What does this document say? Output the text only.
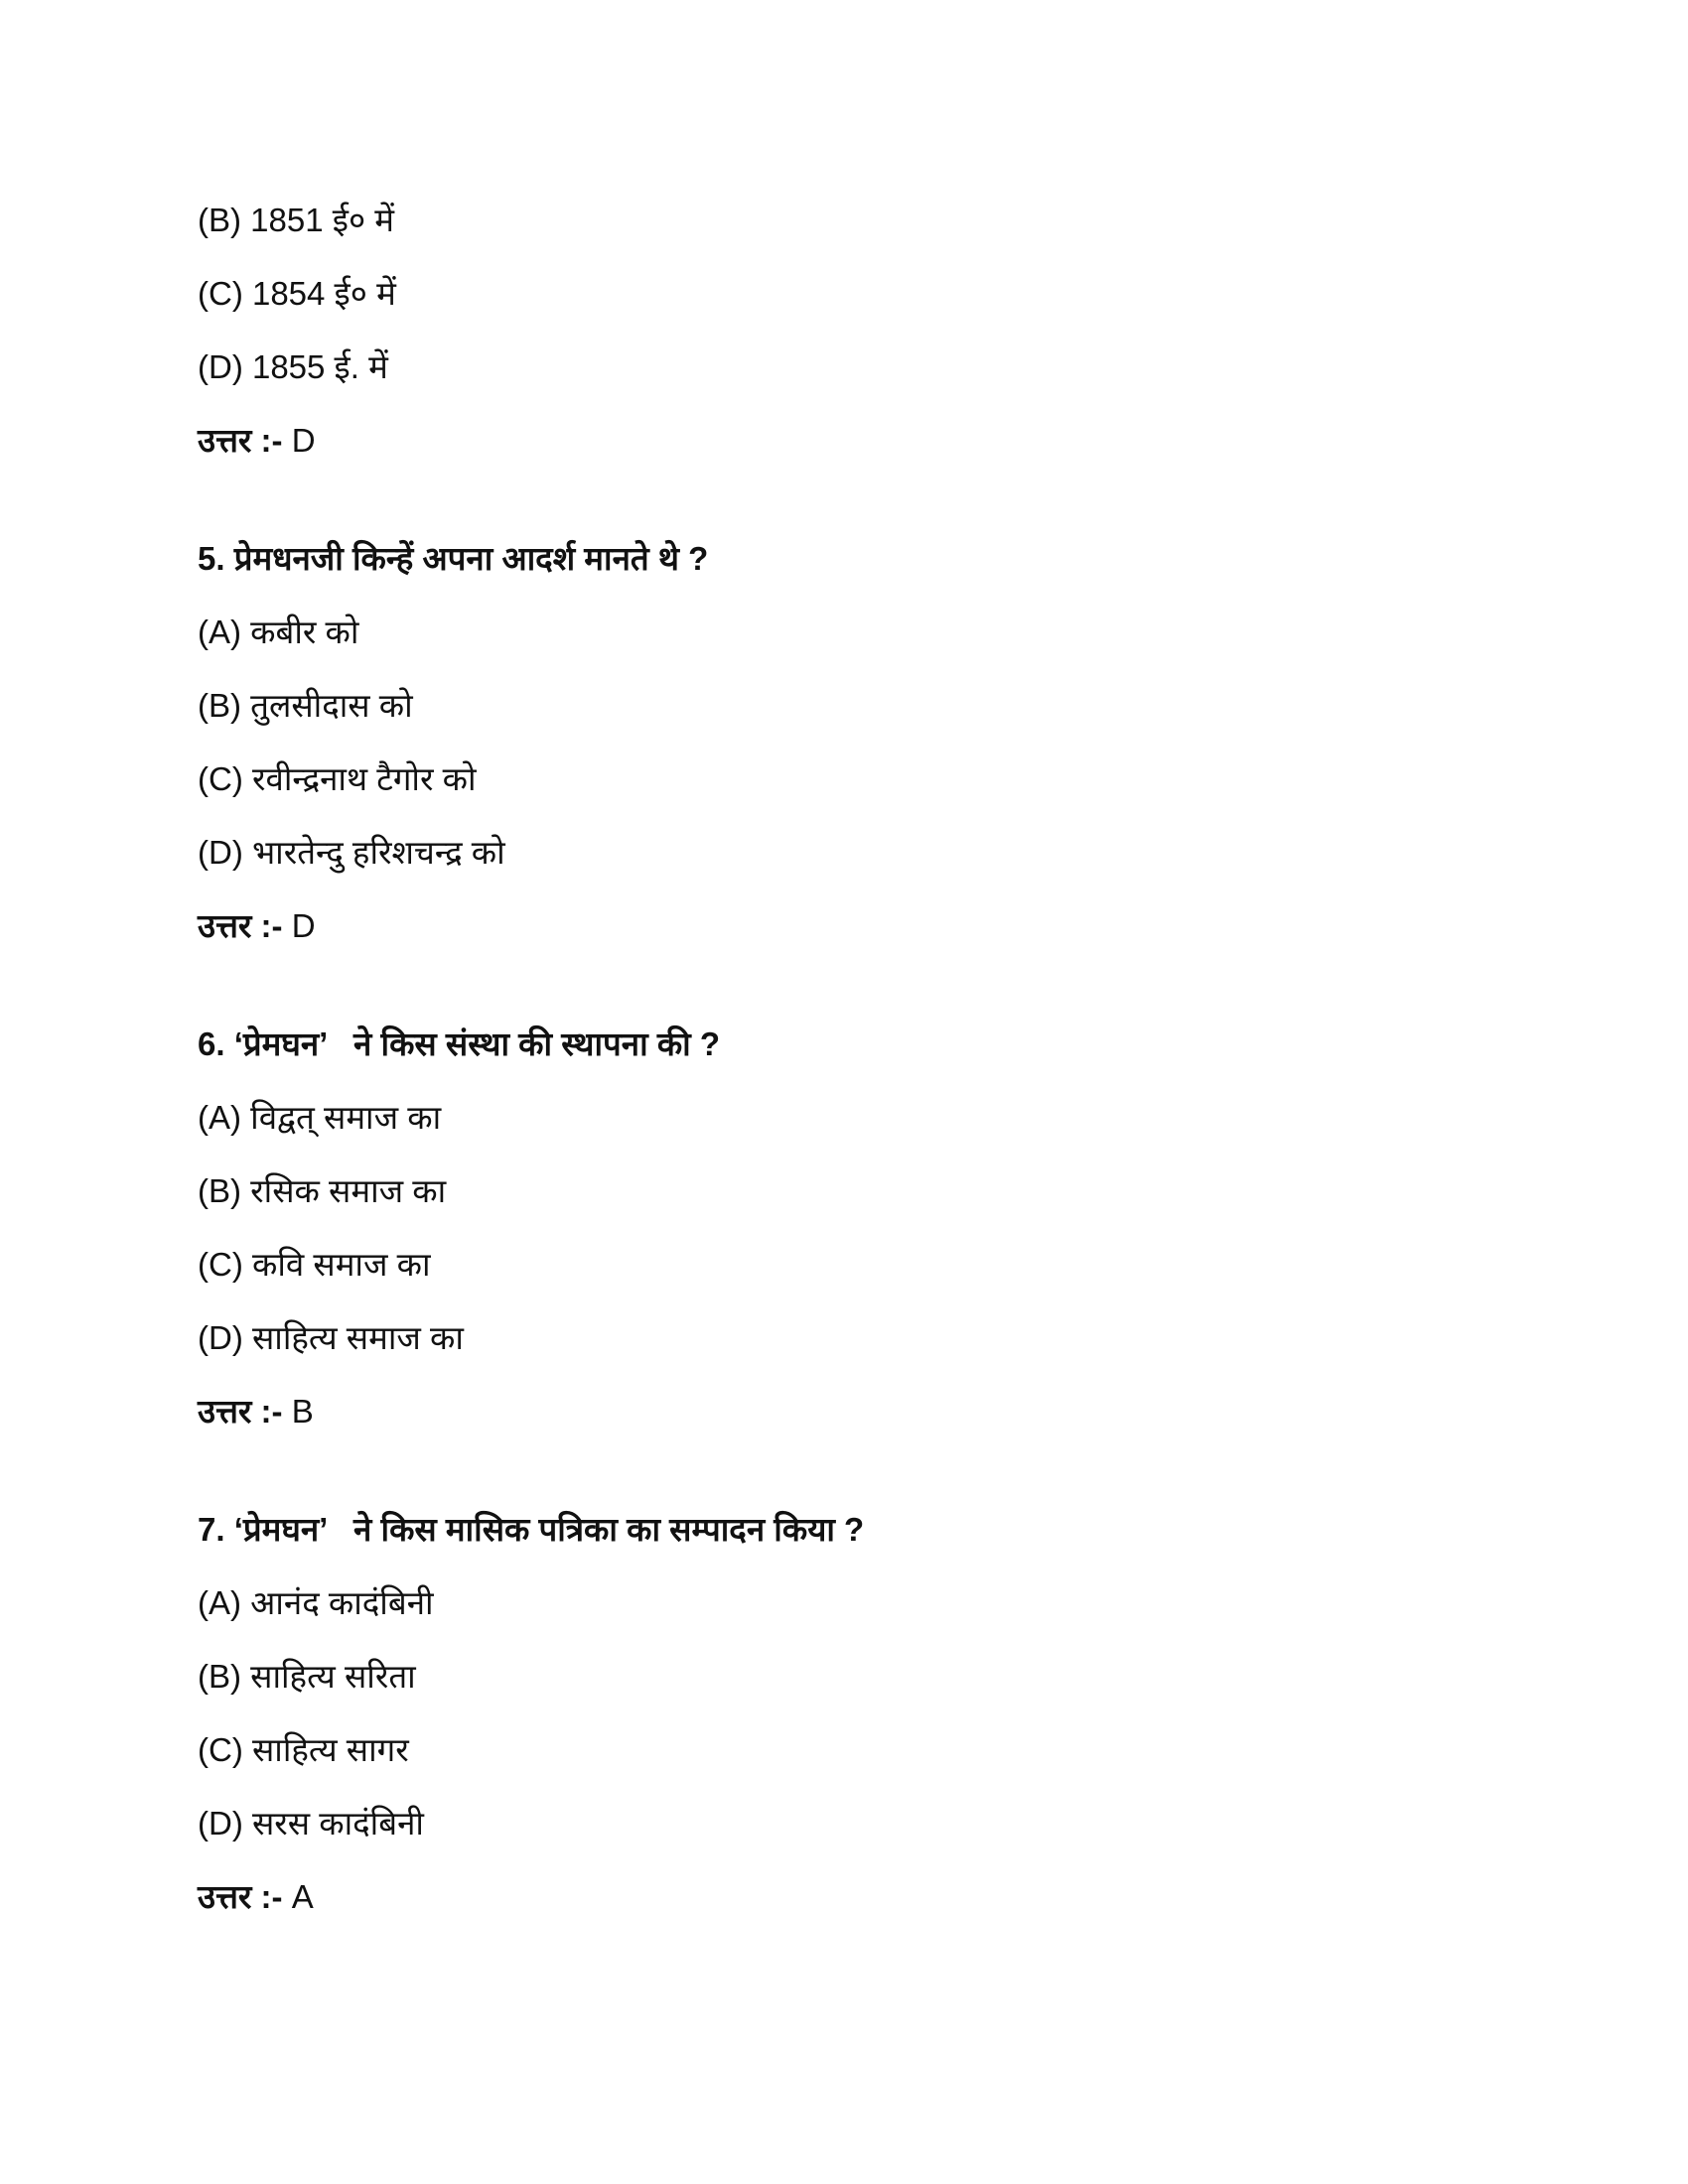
(B) 1851 ई० में
(C) 1854 ई० में
(D) 1855 ई. में
उत्तर :- D
5. प्रेमधनजी किन्हें अपना आदर्श मानते थे ?
(A) कबीर को
(B) तुलसीदास को
(C) रवीन्द्रनाथ टैगोर को
(D) भारतेन्दु हरिशचन्द्र को
उत्तर :- D
6. ‘प्रेमघन’   ने किस संस्था की स्थापना की ?
(A) विद्वत् समाज का
(B) रसिक समाज का
(C) कवि समाज का
(D) साहित्य समाज का
उत्तर :- B
7. ‘प्रेमघन’   ने किस मासिक पत्रिका का सम्पादन किया ?
(A) आनंद कादंबिनी
(B) साहित्य सरिता
(C) साहित्य सागर
(D) सरस कादंबिनी
उत्तर :- A
